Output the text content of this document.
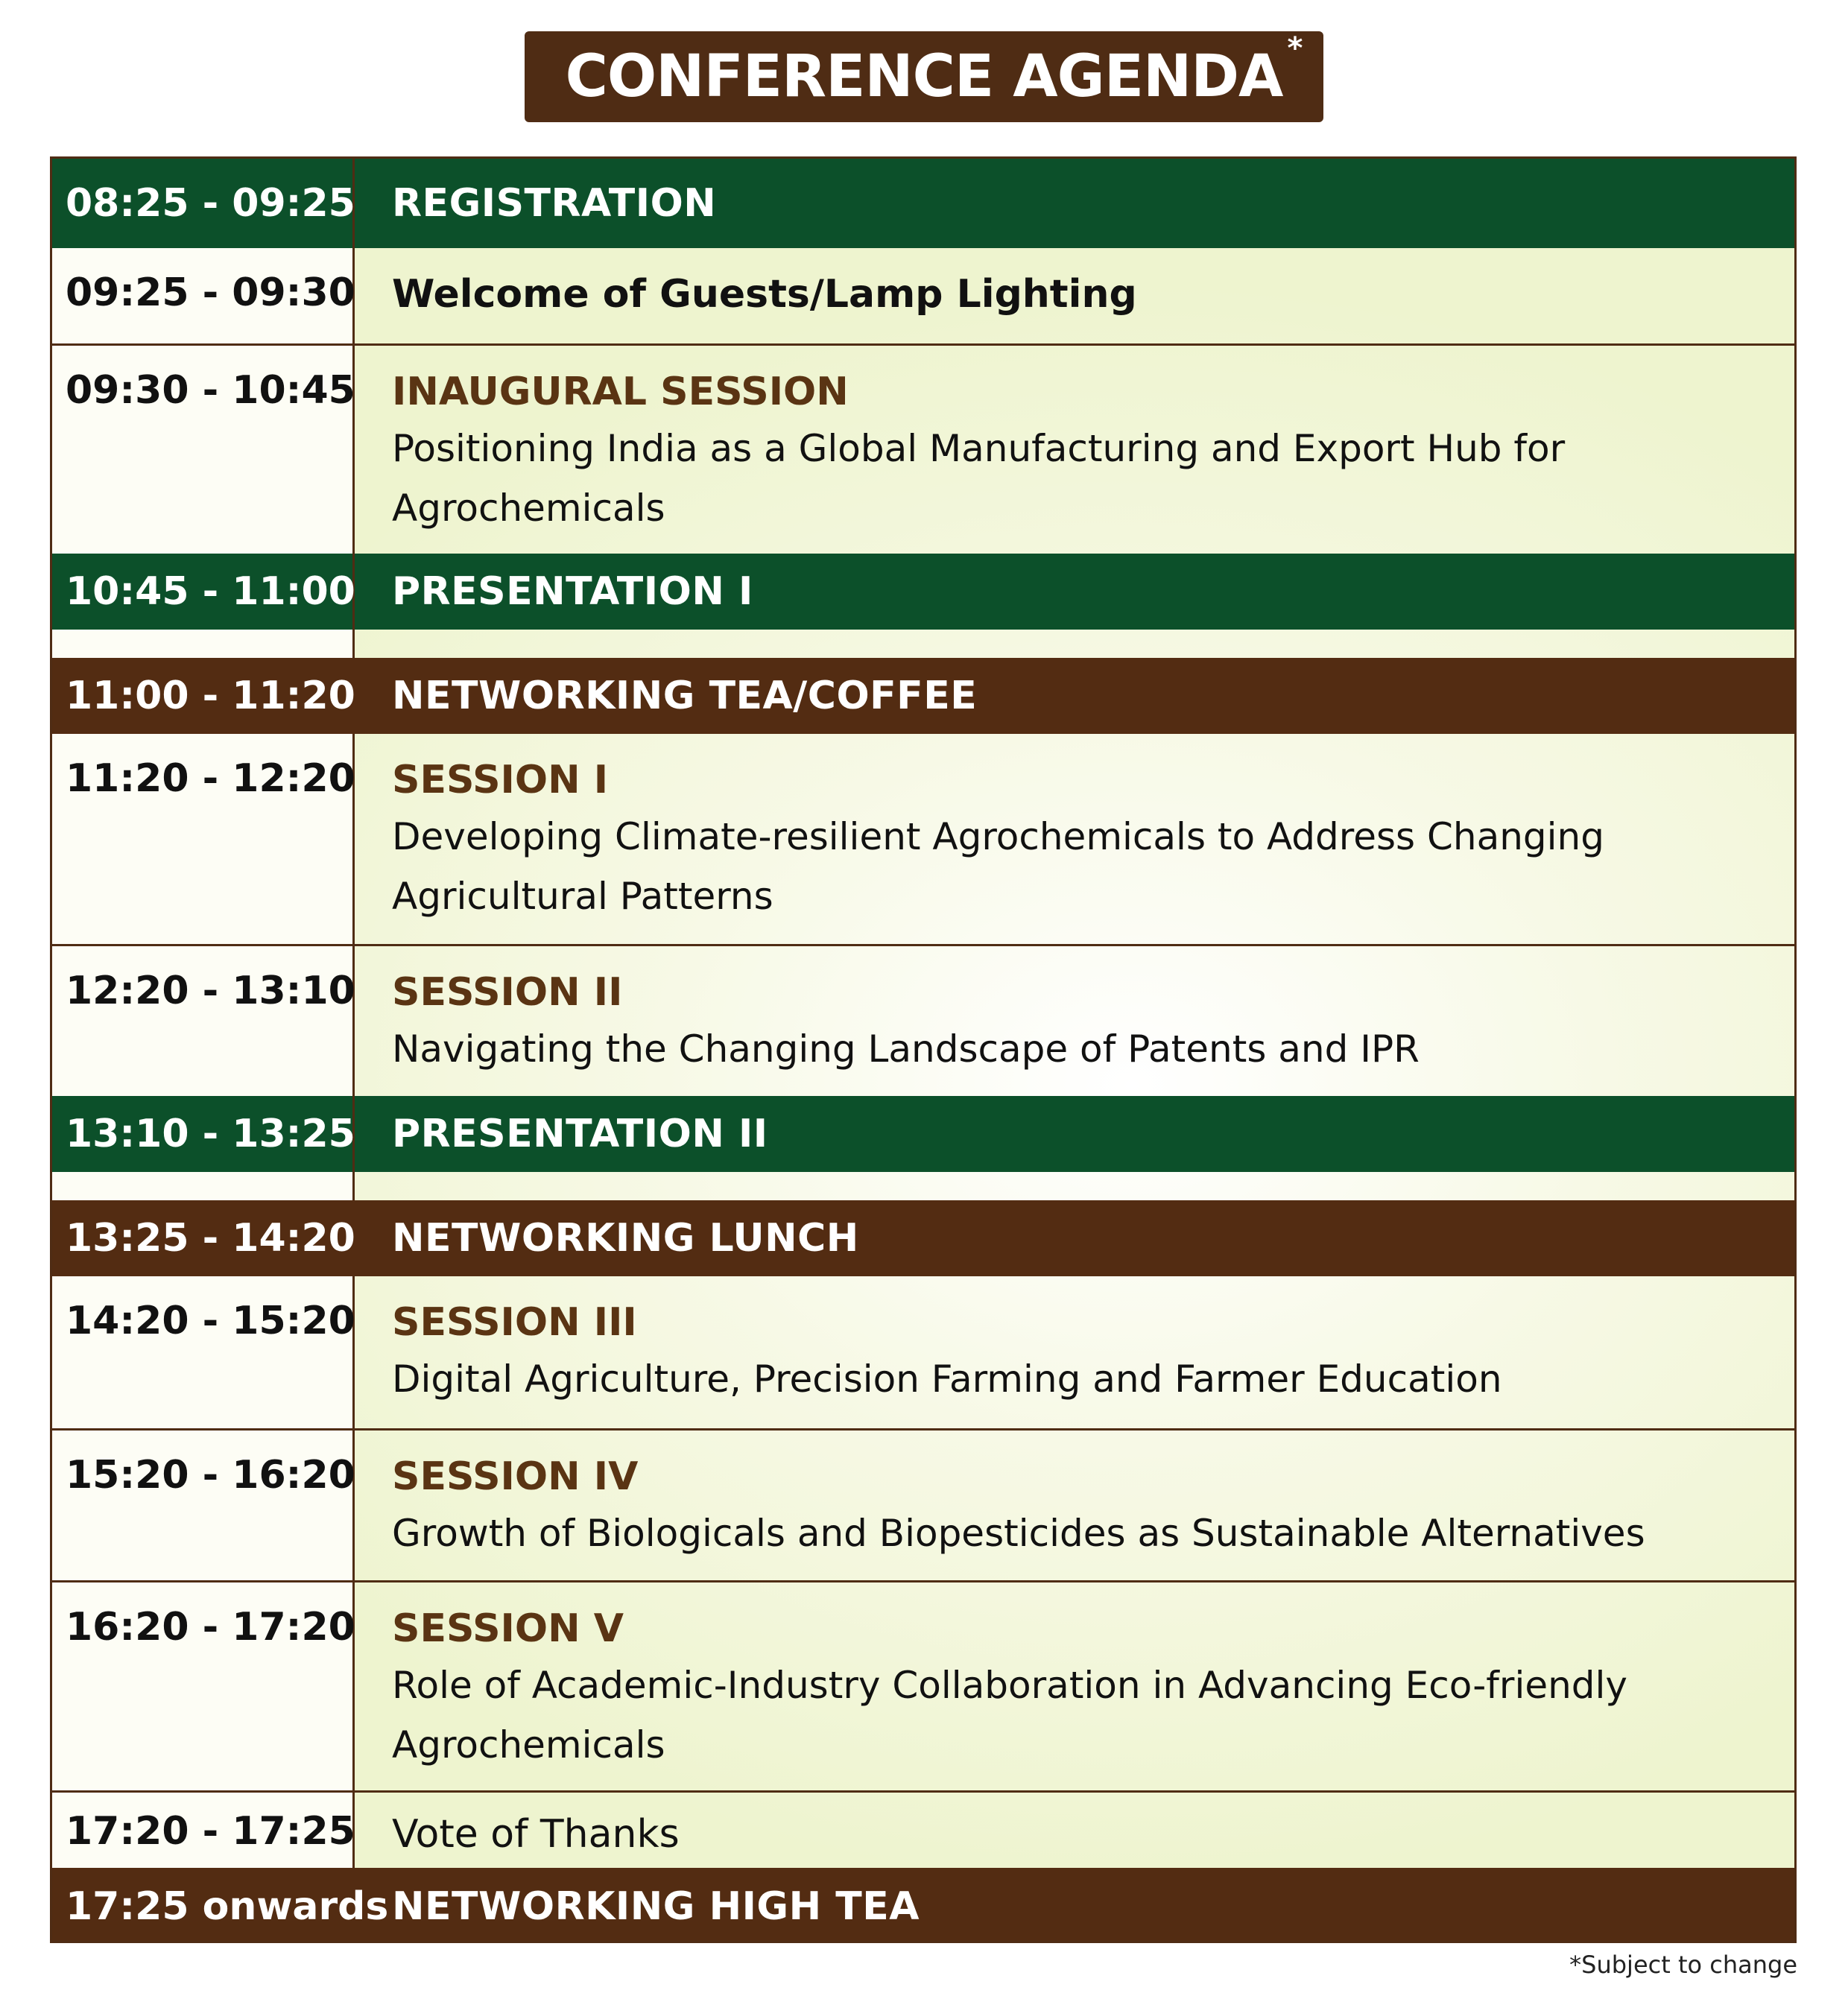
CONFERENCE AGENDA *
08:25 - 09:25 REGISTRATION
09:25 - 09:30 Welcome of Guests/Lamp Lighting
09:30 - 10:45 INAUGURAL SESSION
Positioning India as a Global Manufacturing and Export Hub for
Agrochemicals
10:45 - 11:00 PRESENTATION I
11:00 - 11:20 NETWORKING TEA/COFFEE
11:20 - 12:20 SESSION I
Developing Climate-resilient Agrochemicals to Address Changing
Agricultural Patterns
12:20 - 13:10 SESSION II
Navigating the Changing Landscape of Patents and IPR
13:10 - 13:25 PRESENTATION II
13:25 - 14:20 NETWORKING LUNCH
14:20 - 15:20 SESSION III
Digital Agriculture, Precision Farming and Farmer Education
15:20 - 16:20 SESSION IV
Growth of Biologicals and Biopesticides as Sustainable Alternatives
16:20 - 17:20 SESSION V
Role of Academic-Industry Collaboration in Advancing Eco-friendly
Agrochemicals
17:20 - 17:25 Vote of Thanks
17:25 onwards NETWORKING HIGH TEA
*Subject to change
